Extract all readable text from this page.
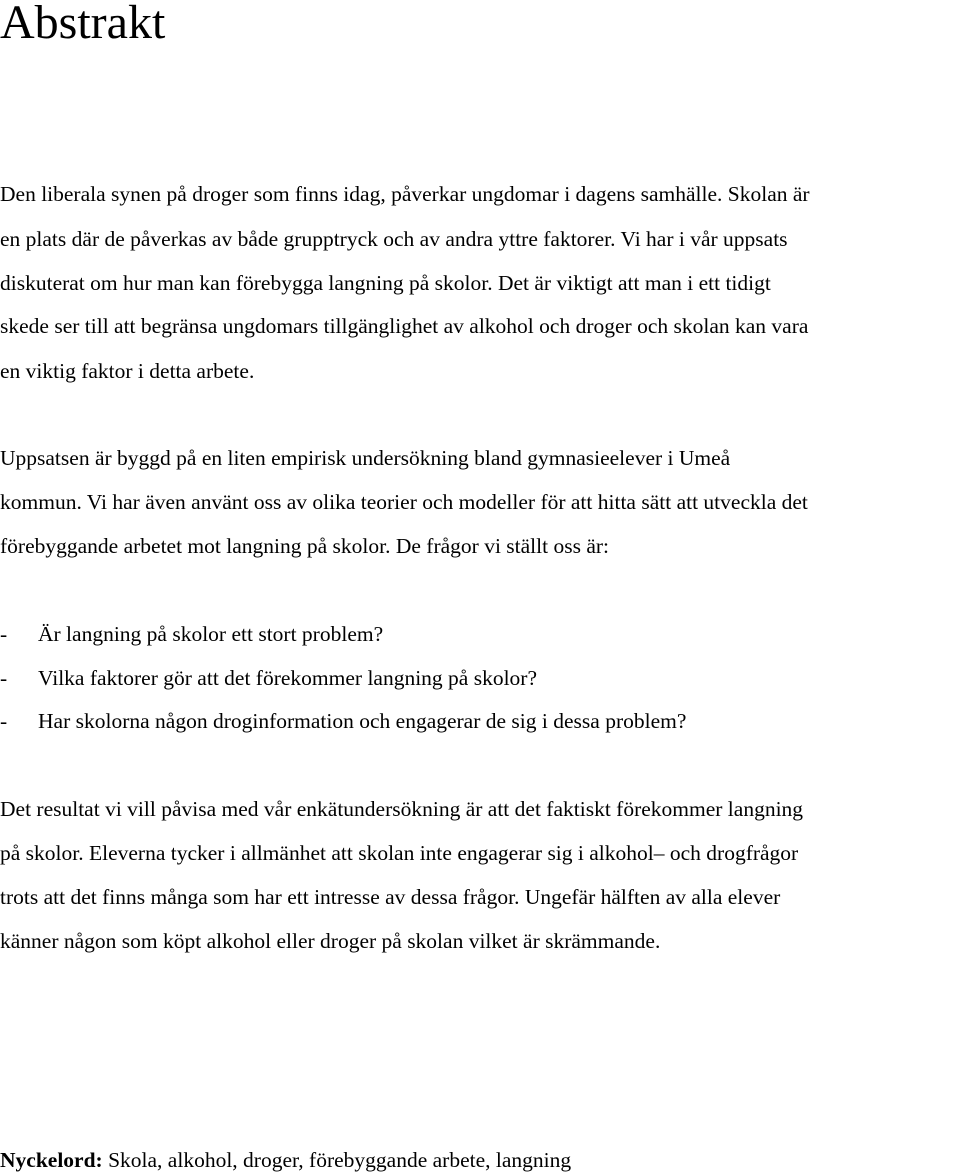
Abstrakt

Den liberala synen på droger som finns idag, påverkar ungdomar i dagens samhälle. Skolan är

en plats där de påverkas av både grupptryck och av andra yttre faktorer. Vi har i vår uppsats

diskuterat om hur man kan förebygga langning på skolor. Det är viktigt att man i ett tidigt

skede ser till att begränsa ungdomars tillgänglighet av alkohol och droger och skolan kan vara

en viktig faktor i detta arbete.

Uppsatsen är byggd på en liten empirisk undersökning bland gymnasieelever i Umeå

kommun. Vi har även använt oss av olika teorier och modeller för att hitta sätt att utveckla det

förebyggande arbetet mot langning på skolor. De frågor vi ställt oss är:

- Är langning på skolor ett stort problem?

- Vilka faktorer gör att det förekommer langning på skolor?

- Har skolorna någon droginformation och engagerar de sig i dessa problem?

Det resultat vi vill påvisa med vår enkätundersökning är att det faktiskt förekommer langning

på skolor. Eleverna tycker i allmänhet att skolan inte engagerar sig i alkohol– och drogfrågor

trots att det finns många som har ett intresse av dessa frågor. Ungefär hälften av alla elever

känner någon som köpt alkohol eller droger på skolan vilket är skrämmande.

Nyckelord: Skola, alkohol, droger, förebyggande arbete, langning
